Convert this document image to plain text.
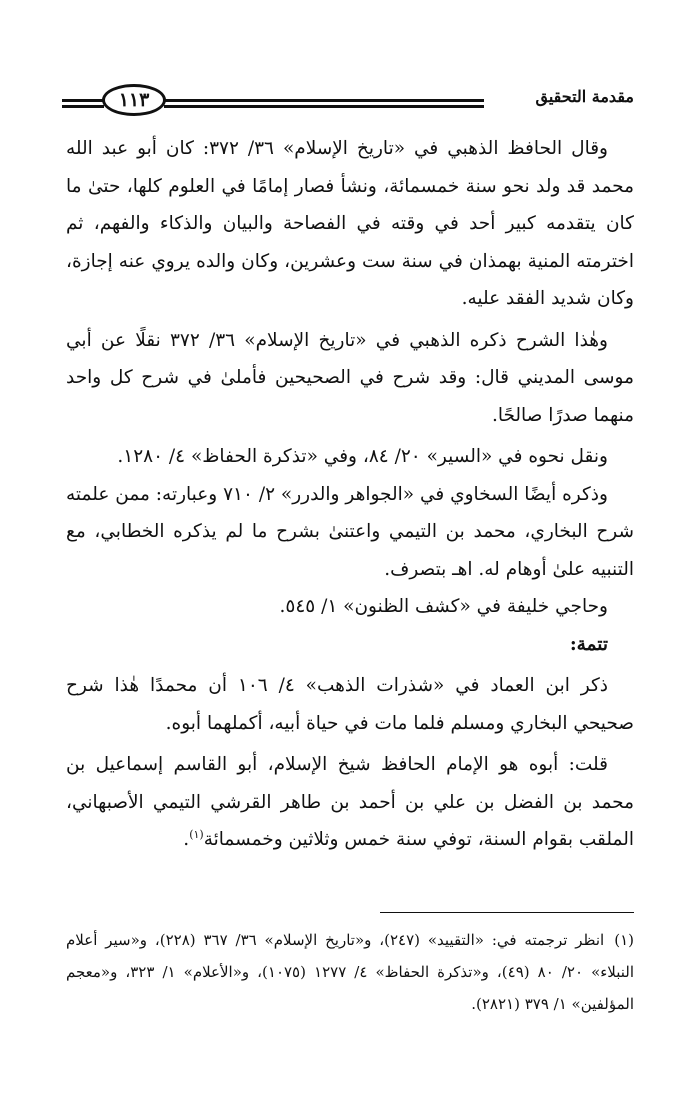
١١٣	مقدمة التحقيق

وقال الحافظ الذهبي في «تاريخ الإسلام» ٣٦/ ٣٧٢: كان أبو عبد الله محمد قد ولد نحو سنة خمسمائة، ونشأ فصار إمامًا في العلوم كلها، حتىٰ ما كان يتقدمه كبير أحد في وقته في الفصاحة والبيان والذكاء والفهم، ثم اخترمته المنية بهمذان في سنة ست وعشرين، وكان والده يروي عنه إجازة، وكان شديد الفقد عليه.

وهٰذا الشرح ذكره الذهبي في «تاريخ الإسلام» ٣٦/ ٣٧٢ نقلًا عن أبي موسى المديني قال: وقد شرح في الصحيحين فأملىٰ في شرح كل واحد منهما صدرًا صالحًا.

ونقل نحوه في «السير» ٢٠/ ٨٤، وفي «تذكرة الحفاظ» ٤/ ١٢٨٠.

وذكره أيضًا السخاوي في «الجواهر والدرر» ٢/ ٧١٠ وعبارته: ممن علمته شرح البخاري، محمد بن التيمي واعتنىٰ بشرح ما لم يذكره الخطابي، مع التنبيه علىٰ أوهام له. اهـ بتصرف.

وحاجي خليفة في «كشف الظنون» ١/ ٥٤٥.

تتمة:

ذكر ابن العماد في «شذرات الذهب» ٤/ ١٠٦ أن محمدًا هٰذا شرح صحيحي البخاري ومسلم فلما مات في حياة أبيه، أكملهما أبوه.

قلت: أبوه هو الإمام الحافظ شيخ الإسلام، أبو القاسم إسماعيل بن محمد بن الفضل بن علي بن أحمد بن طاهر القرشي التيمي الأصبهاني، الملقب بقوام السنة، توفي سنة خمس وثلاثين وخمسمائة$^{(١)}$.

(١)انظر ترجمته في: «التقييد» (٢٤٧)، و«تاريخ الإسلام» ٣٦/ ٣٦٧ (٢٢٨)، و«سير أعلام النبلاء» ٢٠/ ٨٠ (٤٩)، و«تذكرة الحفاظ» ٤/ ١٢٧٧ (١٠٧٥)، و«الأعلام» ١/ ٣٢٣، و«معجم المؤلفين» ١/ ٣٧٩ (٢٨٢١).
